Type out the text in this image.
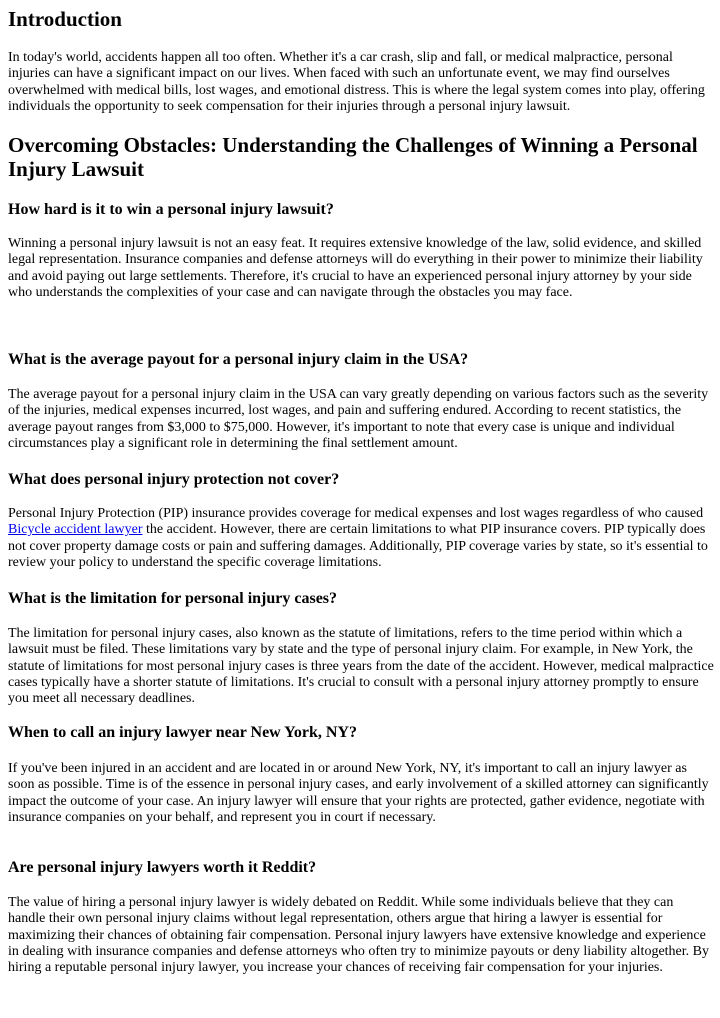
Introduction

In today's world, accidents happen all too often. Whether it's a car crash, slip and fall, or medical malpractice, personal injuries can have a significant impact on our lives. When faced with such an unfortunate event, we may find ourselves overwhelmed with medical bills, lost wages, and emotional distress. This is where the legal system comes into play, offering individuals the opportunity to seek compensation for their injuries through a personal injury lawsuit.

Overcoming Obstacles: Understanding the Challenges of Winning a Personal Injury Lawsuit
How hard is it to win a personal injury lawsuit?

Winning a personal injury lawsuit is not an easy feat. It requires extensive knowledge of the law, solid evidence, and skilled legal representation. Insurance companies and defense attorneys will do everything in their power to minimize their liability and avoid paying out large settlements. Therefore, it's crucial to have an experienced personal injury attorney by your side who understands the complexities of your case and can navigate through the obstacles you may face.

What is the average payout for a personal injury claim in the USA?

The average payout for a personal injury claim in the USA can vary greatly depending on various factors such as the severity of the injuries, medical expenses incurred, lost wages, and pain and suffering endured. According to recent statistics, the average payout ranges from $3,000 to $75,000. However, it's important to note that every case is unique and individual circumstances play a significant role in determining the final settlement amount.

What does personal injury protection not cover?

Personal Injury Protection (PIP) insurance provides coverage for medical expenses and lost wages regardless of who caused Bicycle accident lawyer the accident. However, there are certain limitations to what PIP insurance covers. PIP typically does not cover property damage costs or pain and suffering damages. Additionally, PIP coverage varies by state, so it's essential to review your policy to understand the specific coverage limitations.

What is the limitation for personal injury cases?

The limitation for personal injury cases, also known as the statute of limitations, refers to the time period within which a lawsuit must be filed. These limitations vary by state and the type of personal injury claim. For example, in New York, the statute of limitations for most personal injury cases is three years from the date of the accident. However, medical malpractice cases typically have a shorter statute of limitations. It's crucial to consult with a personal injury attorney promptly to ensure you meet all necessary deadlines.

When to call an injury lawyer near New York, NY?

If you've been injured in an accident and are located in or around New York, NY, it's important to call an injury lawyer as soon as possible. Time is of the essence in personal injury cases, and early involvement of a skilled attorney can significantly impact the outcome of your case. An injury lawyer will ensure that your rights are protected, gather evidence, negotiate with insurance companies on your behalf, and represent you in court if necessary.

Are personal injury lawyers worth it Reddit?

The value of hiring a personal injury lawyer is widely debated on Reddit. While some individuals believe that they can handle their own personal injury claims without legal representation, others argue that hiring a lawyer is essential for maximizing their chances of obtaining fair compensation. Personal injury lawyers have extensive knowledge and experience in dealing with insurance companies and defense attorneys who often try to minimize payouts or deny liability altogether. By hiring a reputable personal injury lawyer, you increase your chances of receiving fair compensation for your injuries.
